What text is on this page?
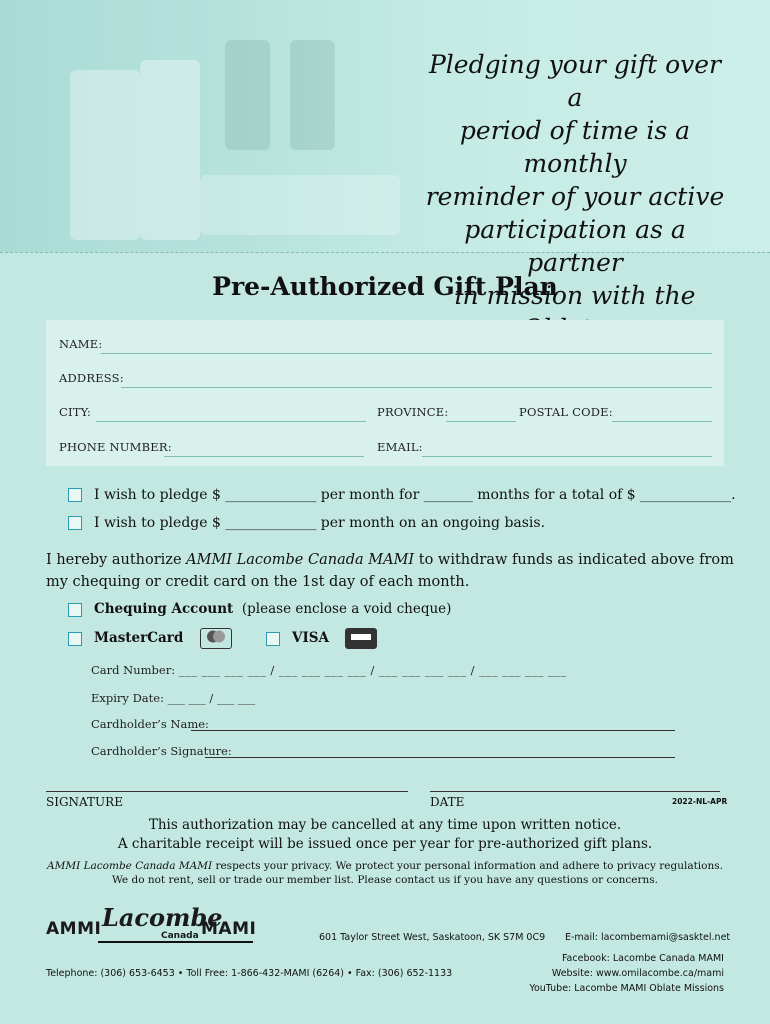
Pledging your gift over a
period of time is a monthly
reminder of your active
participation as a partner
in mission with the
Pre-Authorized Gift Plan
NAME:
ADDRESS:
CITY:	PROVINCE:	POSTAL CODE:
PHONE NUMBER:	EMAIL:
I wish to pledge $ _____________ per month for _______ months for a total of $ _____________.
I wish to pledge $ _____________ per month on an ongoing basis.
I hereby authorize AMMI Lacombe Canada MAMI to withdraw funds as indicated above from my chequing or credit card on the 1st day of each month.
Chequing Account (please enclose a void cheque)
MasterCard	VISA
Card Number: ___ ___ ___ ___ / ___ ___ ___ ___ / ___ ___ ___ ___ / ___ ___ ___ ___
Expiry Date: ___ ___ / ___ ___
Cardholder’s Name:
Cardholder’s Signature:
SIGNATURE	DATE	2022-NL-APR
This authorization may be cancelled at any time upon written notice.
A charitable receipt will be issued once per year for pre-authorized gift plans.
AMMI Lacombe Canada MAMI respects your privacy. We protect your personal information and adhere to privacy regulations.
We do not rent, sell or trade our member list. Please contact us if you have any questions or concerns.
AMMI Lacombe
Canada MAMI	601 Taylor Street West, Saskatoon, SK S7M 0C9 E-mail: lacombemami@sasktel.net
Telephone: (306) 653-6453 • Toll Free: 1-866-432-MAMI (6264) • Fax: (306) 652-1133
Facebook: Lacombe Canada MAMI
Website: www.omilacombe.ca/mami
YouTube: Lacombe MAMI Oblate Missions
